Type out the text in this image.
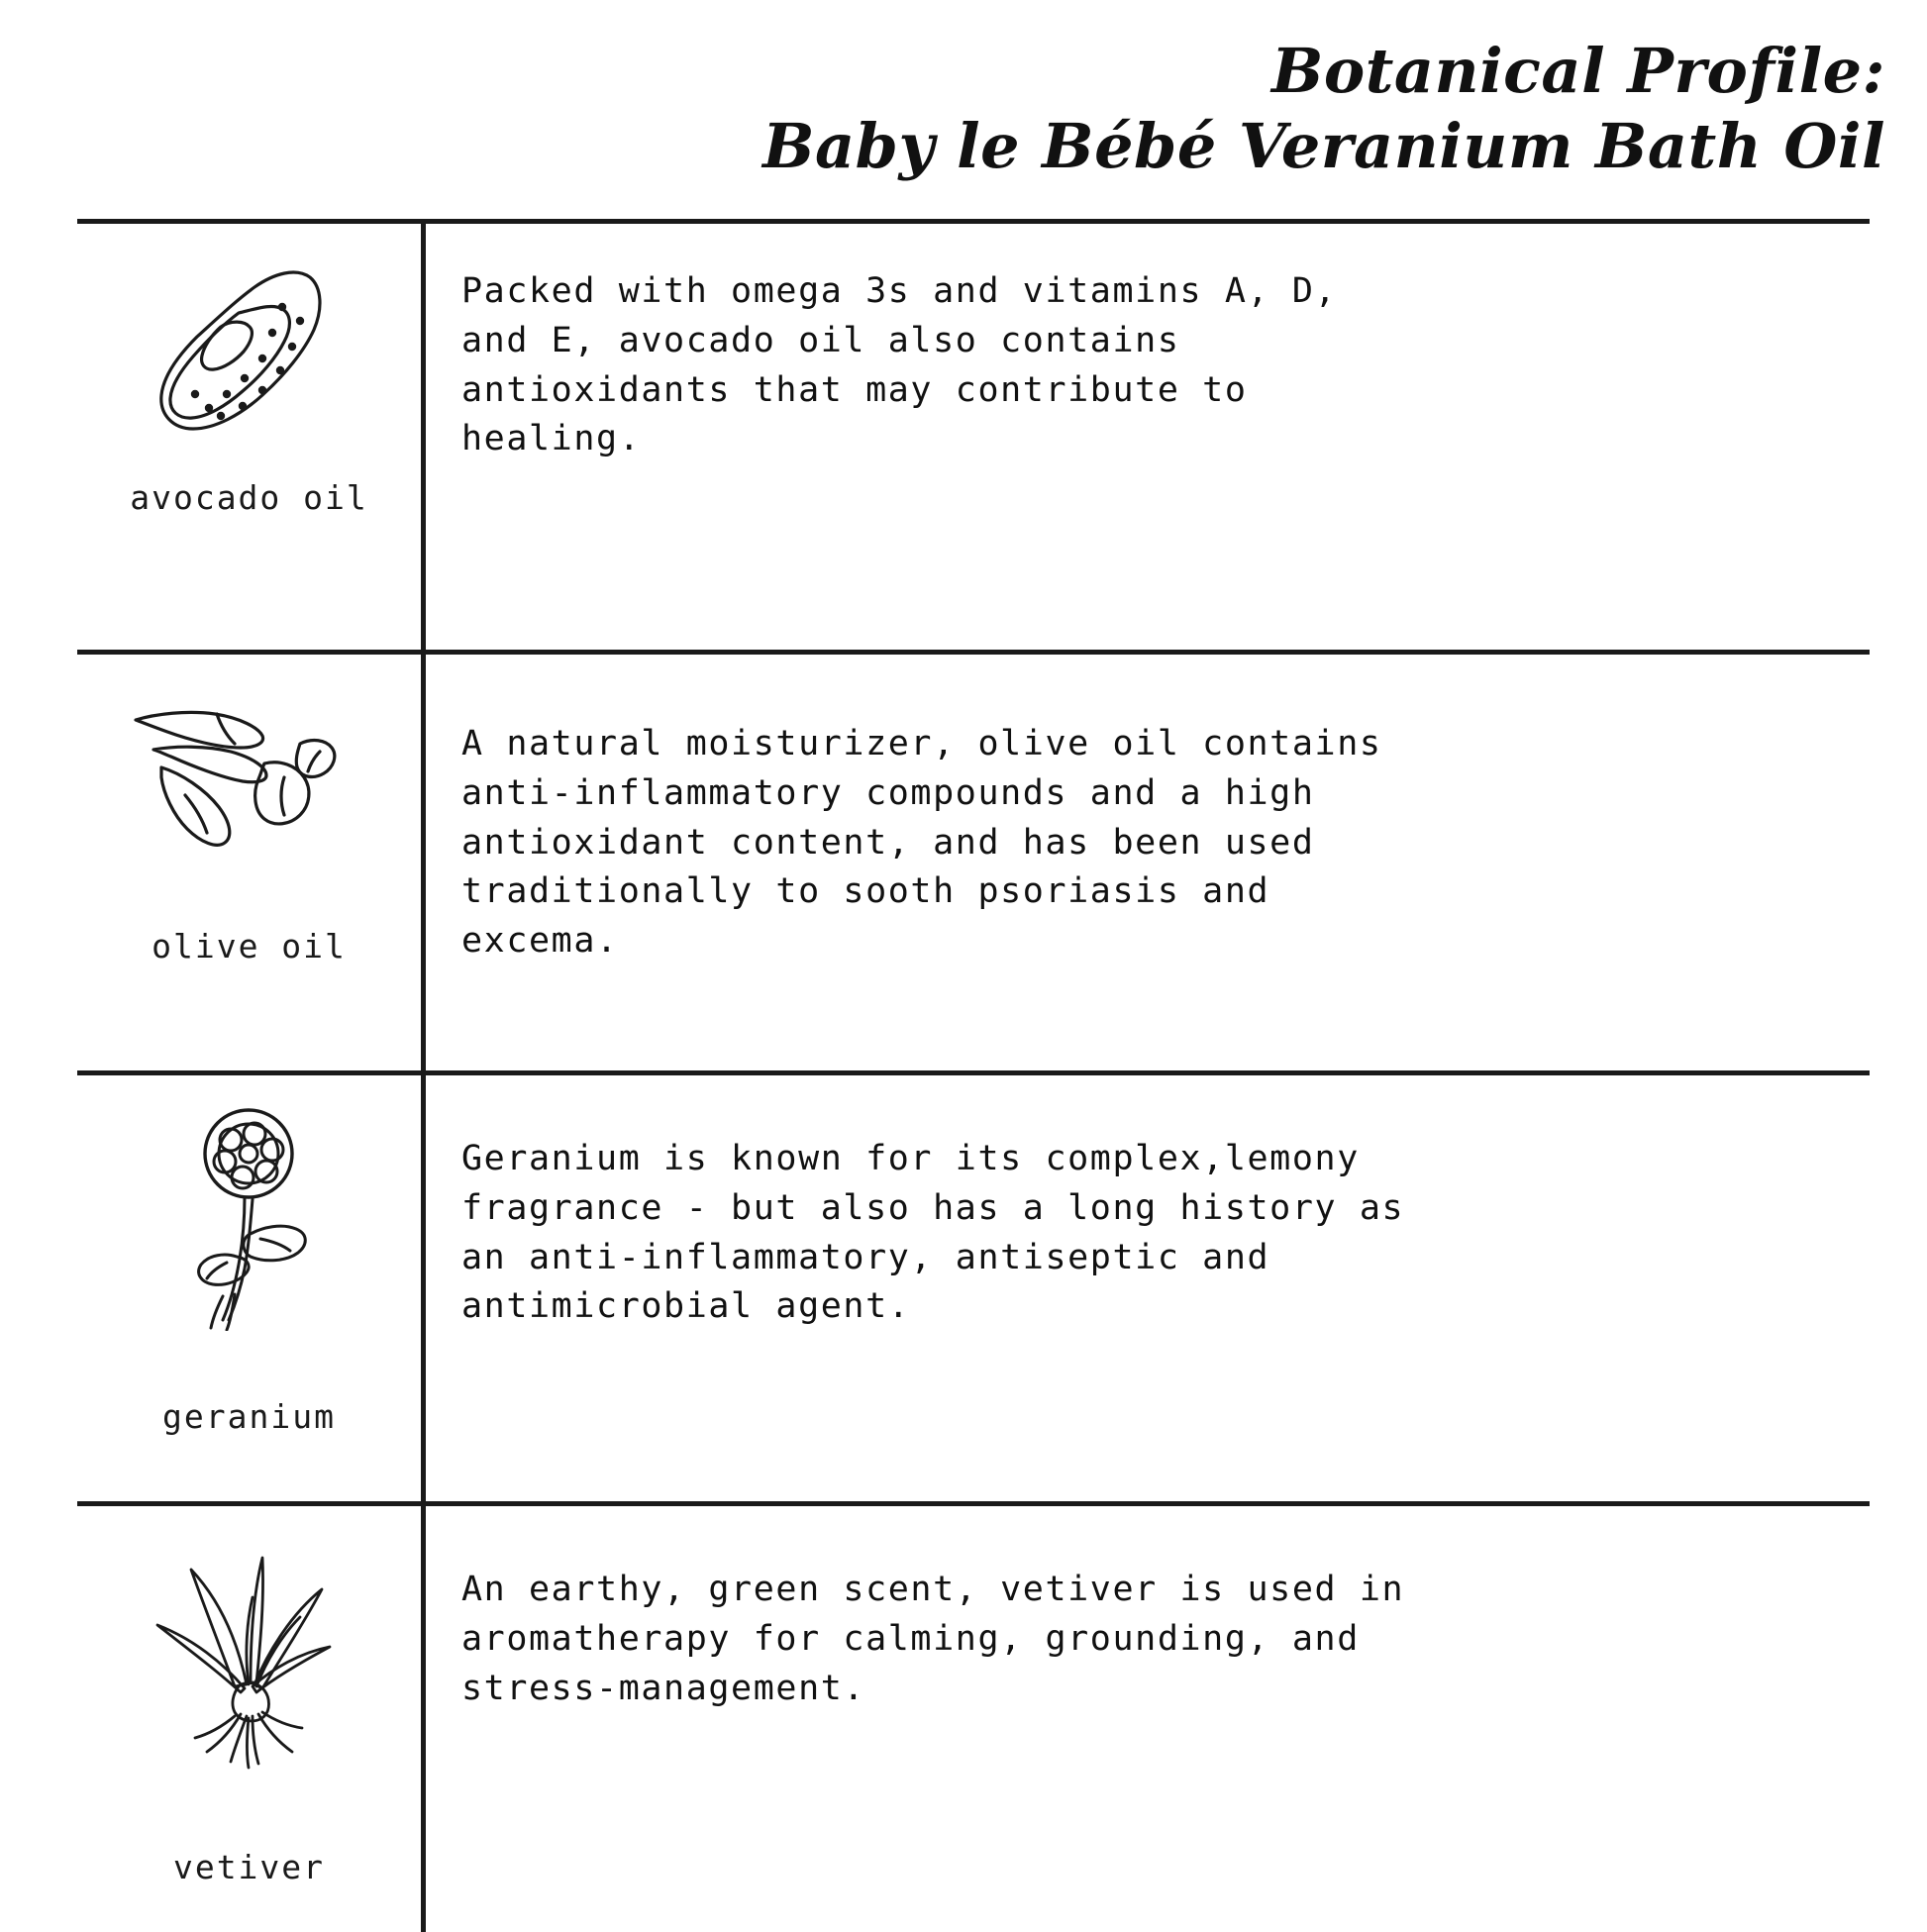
Botanical Profile:
Baby le Bébé Veranium Bath Oil
avocado oil
Packed with omega 3s and vitamins A, D,
and E, avocado oil also contains
antioxidants that may contribute to
healing.
olive oil
A natural moisturizer, olive oil contains
anti-inflammatory compounds and a high
antioxidant content, and has been used
traditionally to sooth psoriasis and
excema.
geranium
Geranium is known for its complex,lemony
fragrance - but also has a long history as
an anti-inflammatory, antiseptic and
antimicrobial agent.
vetiver
An earthy, green scent, vetiver is used in
aromatherapy for calming, grounding, and
stress-management.
